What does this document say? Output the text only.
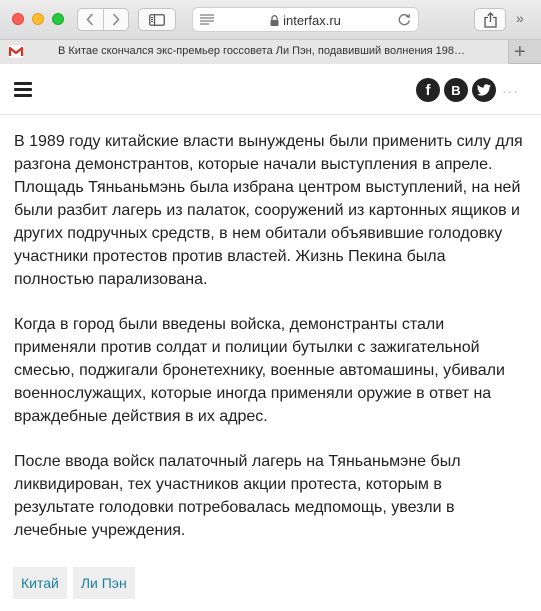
interfax.ru	»
В Китае скончался экс-премьер госсовета Ли Пэн, подавивший волнения 198… +
f	B	···

В 1989 году китайские власти вынуждены были применить силу для разгона демонстрантов, которые начали выступления в апреле. Площадь Тяньаньмэнь была избрана центром выступлений, на ней были разбит лагерь из палаток, сооружений из картонных ящиков и других подручных средств, в нем обитали объявившие голодовку участники протестов против властей. Жизнь Пекина была полностью парализована.

Когда в город были введены войска, демонстранты стали применяли против солдат и полиции бутылки с зажигательной смесью, поджигали бронетехнику, военные автомашины, убивали военнослужащих, которые иногда применяли оружие в ответ на враждебные действия в их адрес.

После ввода войск палаточный лагерь на Тяньаньмэне был ликвидирован, тех участников акции протеста, которым в результате голодовки потребовалась медпомощь, увезли в лечебные учреждения.

Китай	Ли Пэн
